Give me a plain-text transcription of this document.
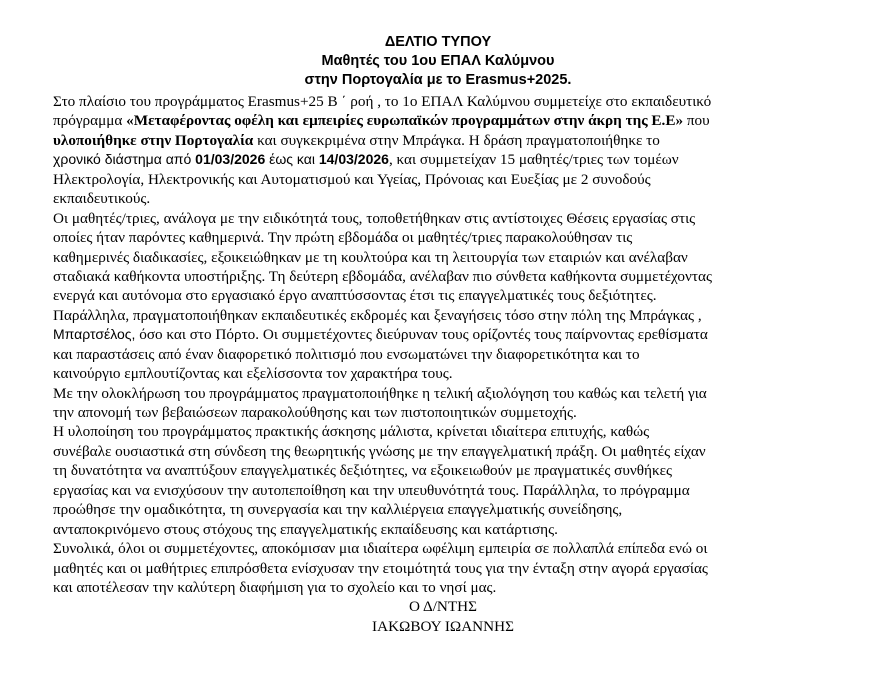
ΔΕΛΤΙΟ ΤΥΠΟΥ
Μαθητές του 1ου ΕΠΑΛ Καλύμνου
στην Πορτογαλία με το Erasmus+2025.
Στο πλαίσιο του προγράμματος Erasmus+25 Β ΄ ροή , το 1ο ΕΠΑΛ Καλύμνου συμμετείχε στο εκπαιδευτικό
πρόγραμμα «Μεταφέροντας οφέλη και εμπειρίες ευρωπαϊκών προγραμμάτων στην άκρη της Ε.Ε» που
υλοποιήθηκε στην Πορτογαλία και συγκεκριμένα στην Μπράγκα. Η δράση πραγματοποιήθηκε το
χρονικό διάστημα από 01/03/2026 έως και 14/03/2026, και συμμετείχαν 15 μαθητές/τριες των τομέων
Ηλεκτρολογία, Ηλεκτρονικής και Αυτοματισμού και Υγείας, Πρόνοιας και Ευεξίας με 2 συνοδούς
εκπαιδευτικούς.
Οι μαθητές/τριες, ανάλογα με την ειδικότητά τους, τοποθετήθηκαν στις αντίστοιχες Θέσεις εργασίας στις
οποίες ήταν παρόντες καθημερινά. Την πρώτη εβδομάδα οι μαθητές/τριες παρακολούθησαν τις
καθημερινές διαδικασίες, εξοικειώθηκαν με τη κουλτούρα και τη λειτουργία των εταιριών και ανέλαβαν
σταδιακά καθήκοντα υποστήριξης. Τη δεύτερη εβδομάδα, ανέλαβαν πιο σύνθετα καθήκοντα συμμετέχοντας
ενεργά και αυτόνομα στο εργασιακό έργο αναπτύσσοντας έτσι τις επαγγελματικές τους δεξιότητες.
Παράλληλα, πραγματοποιήθηκαν εκπαιδευτικές εκδρομές και ξεναγήσεις τόσο στην πόλη της Μπράγκας ,
Μπαρτσέλος, όσο και στο Πόρτο. Οι συμμετέχοντες διεύρυναν τους ορίζοντές τους παίρνοντας ερεθίσματα
και παραστάσεις από έναν διαφορετικό πολιτισμό που ενσωματώνει την διαφορετικότητα και το
καινούργιο εμπλουτίζοντας και εξελίσσοντα τον χαρακτήρα τους.
Με την ολοκλήρωση του προγράμματος πραγματοποιήθηκε η τελική αξιολόγηση του καθώς και τελετή για
την απονομή των βεβαιώσεων παρακολούθησης και των πιστοποιητικών συμμετοχής.
Η υλοποίηση του προγράμματος πρακτικής άσκησης μάλιστα, κρίνεται ιδιαίτερα επιτυχής, καθώς
συνέβαλε ουσιαστικά στη σύνδεση της θεωρητικής γνώσης με την επαγγελματική πράξη. Οι μαθητές είχαν
τη δυνατότητα να αναπτύξουν επαγγελματικές δεξιότητες, να εξοικειωθούν με πραγματικές συνθήκες
εργασίας και να ενισχύσουν την αυτοπεποίθηση και την υπευθυνότητά τους. Παράλληλα, το πρόγραμμα
προώθησε την ομαδικότητα, τη συνεργασία και την καλλιέργεια επαγγελματικής συνείδησης,
ανταποκρινόμενο στους στόχους της επαγγελματικής εκπαίδευσης και κατάρτισης.
Συνολικά, όλοι οι συμμετέχοντες, αποκόμισαν μια ιδιαίτερα ωφέλιμη εμπειρία σε πολλαπλά επίπεδα ενώ οι
μαθητές και οι μαθήτριες επιπρόσθετα ενίσχυσαν την ετοιμότητά τους για την ένταξη στην αγορά εργασίας
και αποτέλεσαν την καλύτερη διαφήμιση για το σχολείο και το νησί μας.
Ο Δ/ΝΤΗΣ
ΙΑΚΩΒΟΥ ΙΩΑΝΝΗΣ
